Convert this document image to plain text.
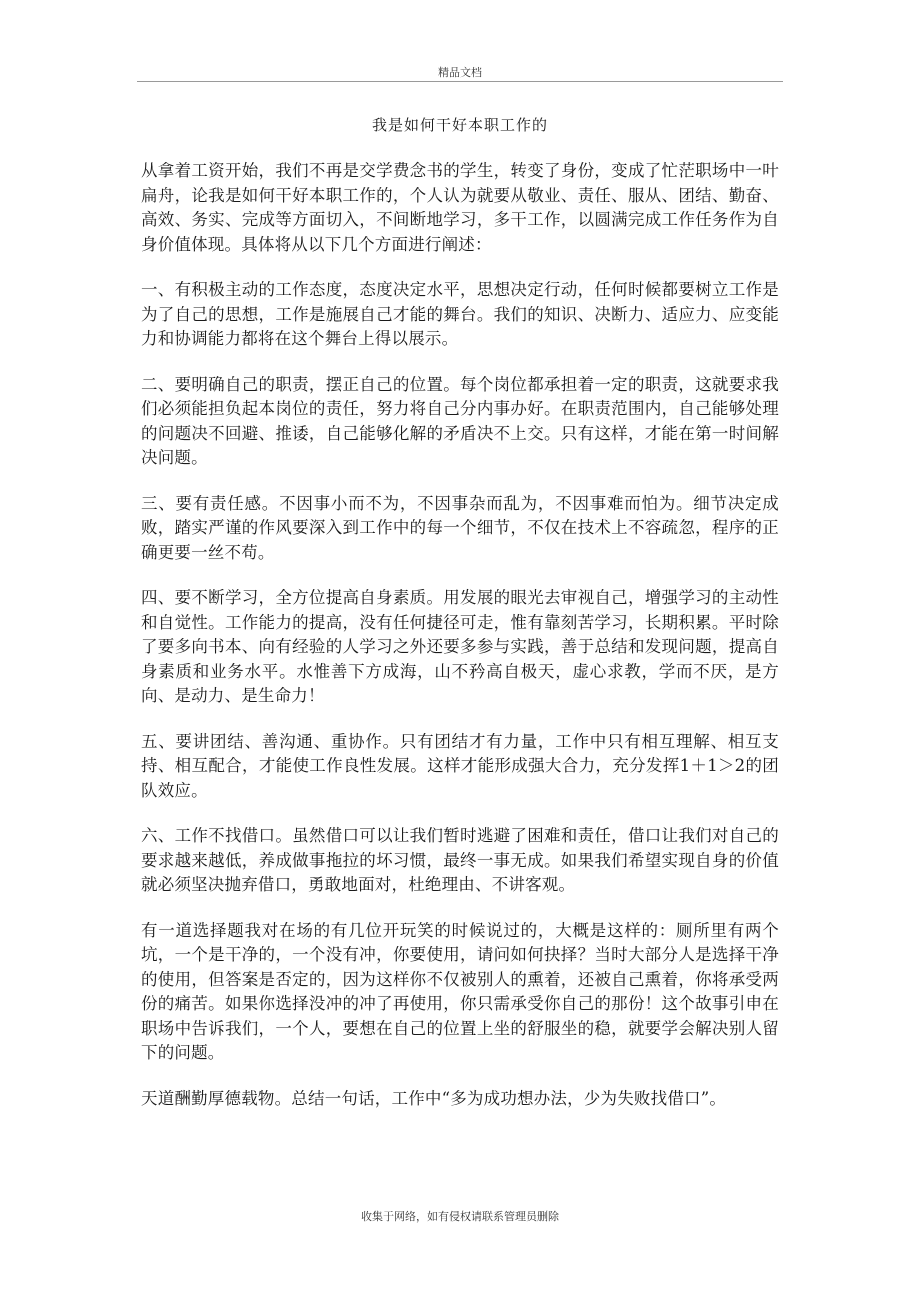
精品文档
我是如何干好本职工作的

从拿着工资开始，我们不再是交学费念书的学生，转变了身份，变成了忙茫职场中一叶扁舟，论我是如何干好本职工作的，个人认为就要从敬业、责任、服从、团结、勤奋、高效、务实、完成等方面切入，不间断地学习，多干工作，以圆满完成工作任务作为自身价值体现。具体将从以下几个方面进行阐述：

一、有积极主动的工作态度，态度决定水平，思想决定行动，任何时候都要树立工作是为了自己的思想，工作是施展自己才能的舞台。我们的知识、决断力、适应力、应变能力和协调能力都将在这个舞台上得以展示。

二、要明确自己的职责，摆正自己的位置。每个岗位都承担着一定的职责，这就要求我们必须能担负起本岗位的责任，努力将自己分内事办好。在职责范围内，自己能够处理的问题决不回避、推诿，自己能够化解的矛盾决不上交。只有这样，才能在第一时间解决问题。

三、要有责任感。不因事小而不为，不因事杂而乱为，不因事难而怕为。细节决定成败，踏实严谨的作风要深入到工作中的每一个细节，不仅在技术上不容疏忽，程序的正确更要一丝不苟。

四、要不断学习，全方位提高自身素质。用发展的眼光去审视自己，增强学习的主动性和自觉性。工作能力的提高，没有任何捷径可走，惟有靠刻苦学习，长期积累。平时除了要多向书本、向有经验的人学习之外还要多参与实践，善于总结和发现问题，提高自身素质和业务水平。水惟善下方成海，山不矜高自极天，虚心求教，学而不厌，是方向、是动力、是生命力！

五、要讲团结、善沟通、重协作。只有团结才有力量，工作中只有相互理解、相互支持、相互配合，才能使工作良性发展。这样才能形成强大合力，充分发挥1＋1＞2的团队效应。

六、工作不找借口。虽然借口可以让我们暂时逃避了困难和责任，借口让我们对自己的要求越来越低，养成做事拖拉的坏习惯，最终一事无成。如果我们希望实现自身的价值就必须坚决抛弃借口，勇敢地面对，杜绝理由、不讲客观。

有一道选择题我对在场的有几位开玩笑的时候说过的，大概是这样的：厕所里有两个坑，一个是干净的，一个没有冲，你要使用，请问如何抉择？当时大部分人是选择干净的使用，但答案是否定的，因为这样你不仅被别人的熏着，还被自己熏着，你将承受两份的痛苦。如果你选择没冲的冲了再使用，你只需承受你自己的那份！这个故事引申在职场中告诉我们，一个人，要想在自己的位置上坐的舒服坐的稳，就要学会解决别人留下的问题。

天道酬勤厚德载物。总结一句话，工作中“多为成功想办法，少为失败找借口”。

收集于网络，如有侵权请联系管理员删除
